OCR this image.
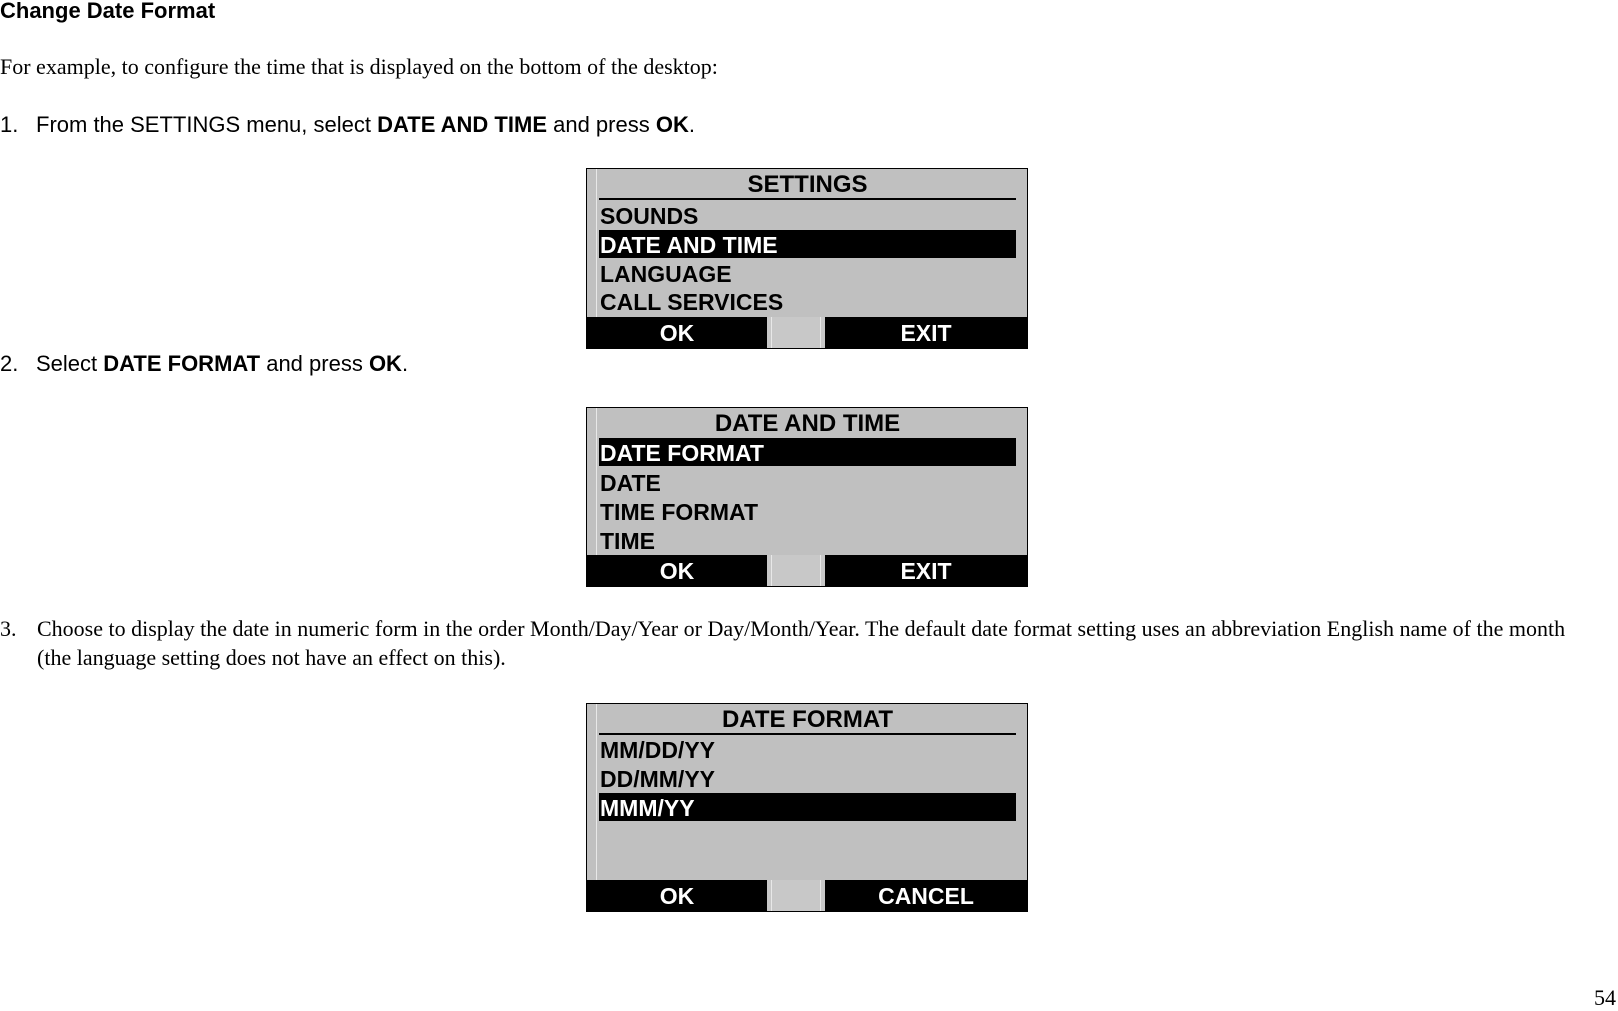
Change Date Format
For example, to configure the time that is displayed on the bottom of the desktop:
1. From the SETTINGS menu, select DATE AND TIME and press OK.
SETTINGS
SOUNDS
DATE AND TIME
LANGUAGE
CALL SERVICES
OK	EXIT
2. Select DATE FORMAT and press OK.
DATE AND TIME
DATE FORMAT
DATE
TIME FORMAT
TIME
OK	EXIT
3. Choose to display the date in numeric form in the order Month/Day/Year or Day/Month/Year. The default date format setting uses an abbreviation English name of the month (the language setting does not have an effect on this).
DATE FORMAT
MM/DD/YY
DD/MM/YY
MMM/YY
OK	CANCEL
54
